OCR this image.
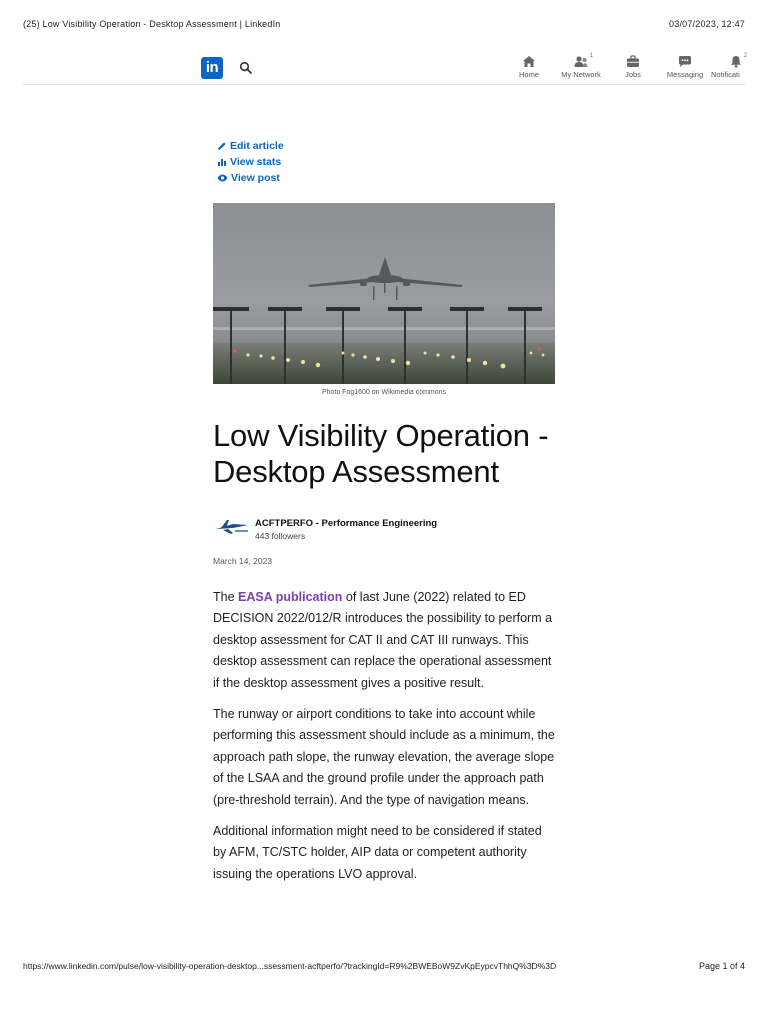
(25) Low Visibility Operation - Desktop Assessment | LinkedIn	03/07/2023, 12:47
in	Home
1
My Network	Jobs	Messaging
2
Notificati
Edit article
View stats
View post
Photo Fog1600 on Wikimedia commons
Low Visibility Operation - Desktop Assessment
ACFTPERFO - Performance Engineering
443 followers
March 14, 2023

The EASA publication of last June (2022) related to ED DECISION 2022/012/R introduces the possibility to perform a desktop assessment for CAT II and CAT III runways. This desktop assessment can replace the operational assessment if the desktop assessment gives a positive result.

The runway or airport conditions to take into account while performing this assessment should include as a minimum, the approach path slope, the runway elevation, the average slope of the LSAA and the ground profile under the approach path (pre-threshold terrain). And the type of navigation means.

Additional information might need to be considered if stated by AFM, TC/STC holder, AIP data or competent authority issuing the operations LVO approval.

https://www.linkedin.com/pulse/low-visibility-operation-desktop...ssessment-acftperfo/?trackingId=R9%2BWEBoW9ZvKpEypcvThhQ%3D%3D	Page 1 of 4
